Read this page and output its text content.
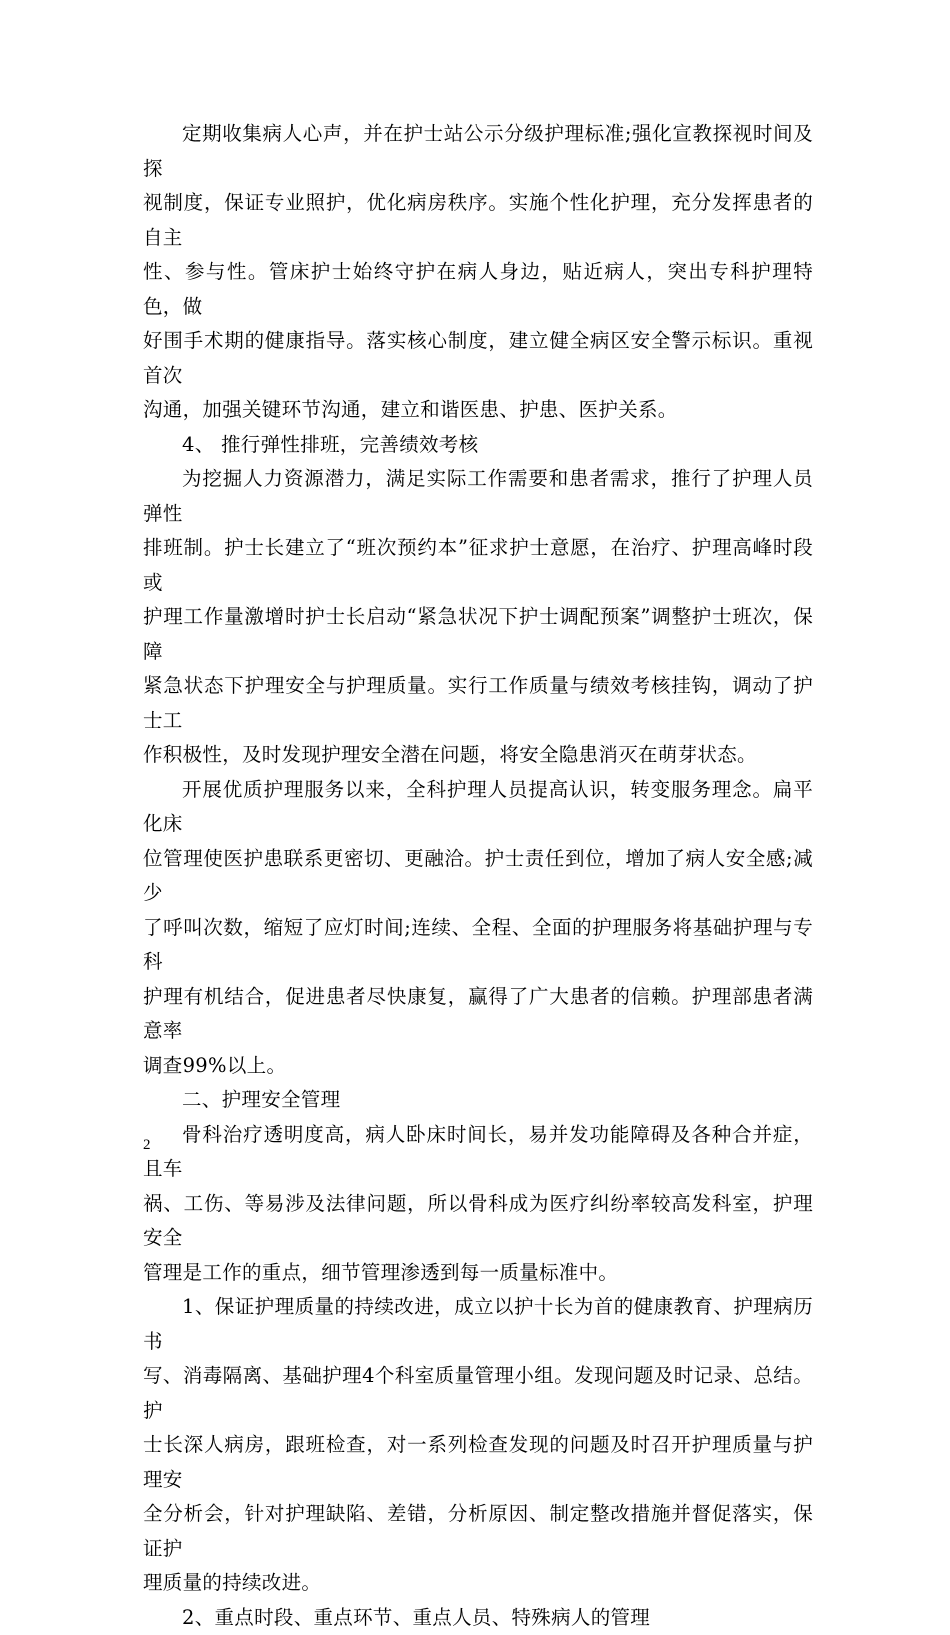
定期收集病人心声，并在护士站公示分级护理标准;强化宣教探视时间及探
视制度，保证专业照护，优化病房秩序。实施个性化护理，充分发挥患者的自主
性、参与性。管床护士始终守护在病人身边，贴近病人，突出专科护理特色，做
好围手术期的健康指导。落实核心制度，建立健全病区安全警示标识。重视首次
沟通，加强关键环节沟通，建立和谐医患、护患、医护关系。

4、 推行弹性排班，完善绩效考核

为挖掘人力资源潜力，满足实际工作需要和患者需求，推行了护理人员弹性
排班制。护士长建立了“班次预约本”征求护士意愿，在治疗、护理高峰时段或
护理工作量激增时护士长启动“紧急状况下护士调配预案”调整护士班次，保障
紧急状态下护理安全与护理质量。实行工作质量与绩效考核挂钩，调动了护士工
作积极性，及时发现护理安全潜在问题，将安全隐患消灭在萌芽状态。

开展优质护理服务以来，全科护理人员提高认识，转变服务理念。扁平化床
位管理使医护患联系更密切、更融洽。护士责任到位，增加了病人安全感;减少
了呼叫次数，缩短了应灯时间;连续、全程、全面的护理服务将基础护理与专科
护理有机结合，促进患者尽快康复，赢得了广大患者的信赖。护理部患者满意率
调查99%以上。

二、护理安全管理

骨科治疗透明度高，病人卧床时间长，易并发功能障碍及各种合并症，且车
祸、工伤、等易涉及法律问题，所以骨科成为医疗纠纷率较高发科室，护理安全
管理是工作的重点，细节管理渗透到每一质量标准中。

1、保证护理质量的持续改进，成立以护十长为首的健康教育、护理病历书
写、消毒隔离、基础护理4个科室质量管理小组。发现问题及时记录、总结。护
士长深人病房，跟班检查，对一系列检查发现的问题及时召开护理质量与护理安
全分析会，针对护理缺陷、差错，分析原因、制定整改措施并督促落实，保证护
理质量的持续改进。

2、重点时段、重点环节、重点人员、特殊病人的管理

2
